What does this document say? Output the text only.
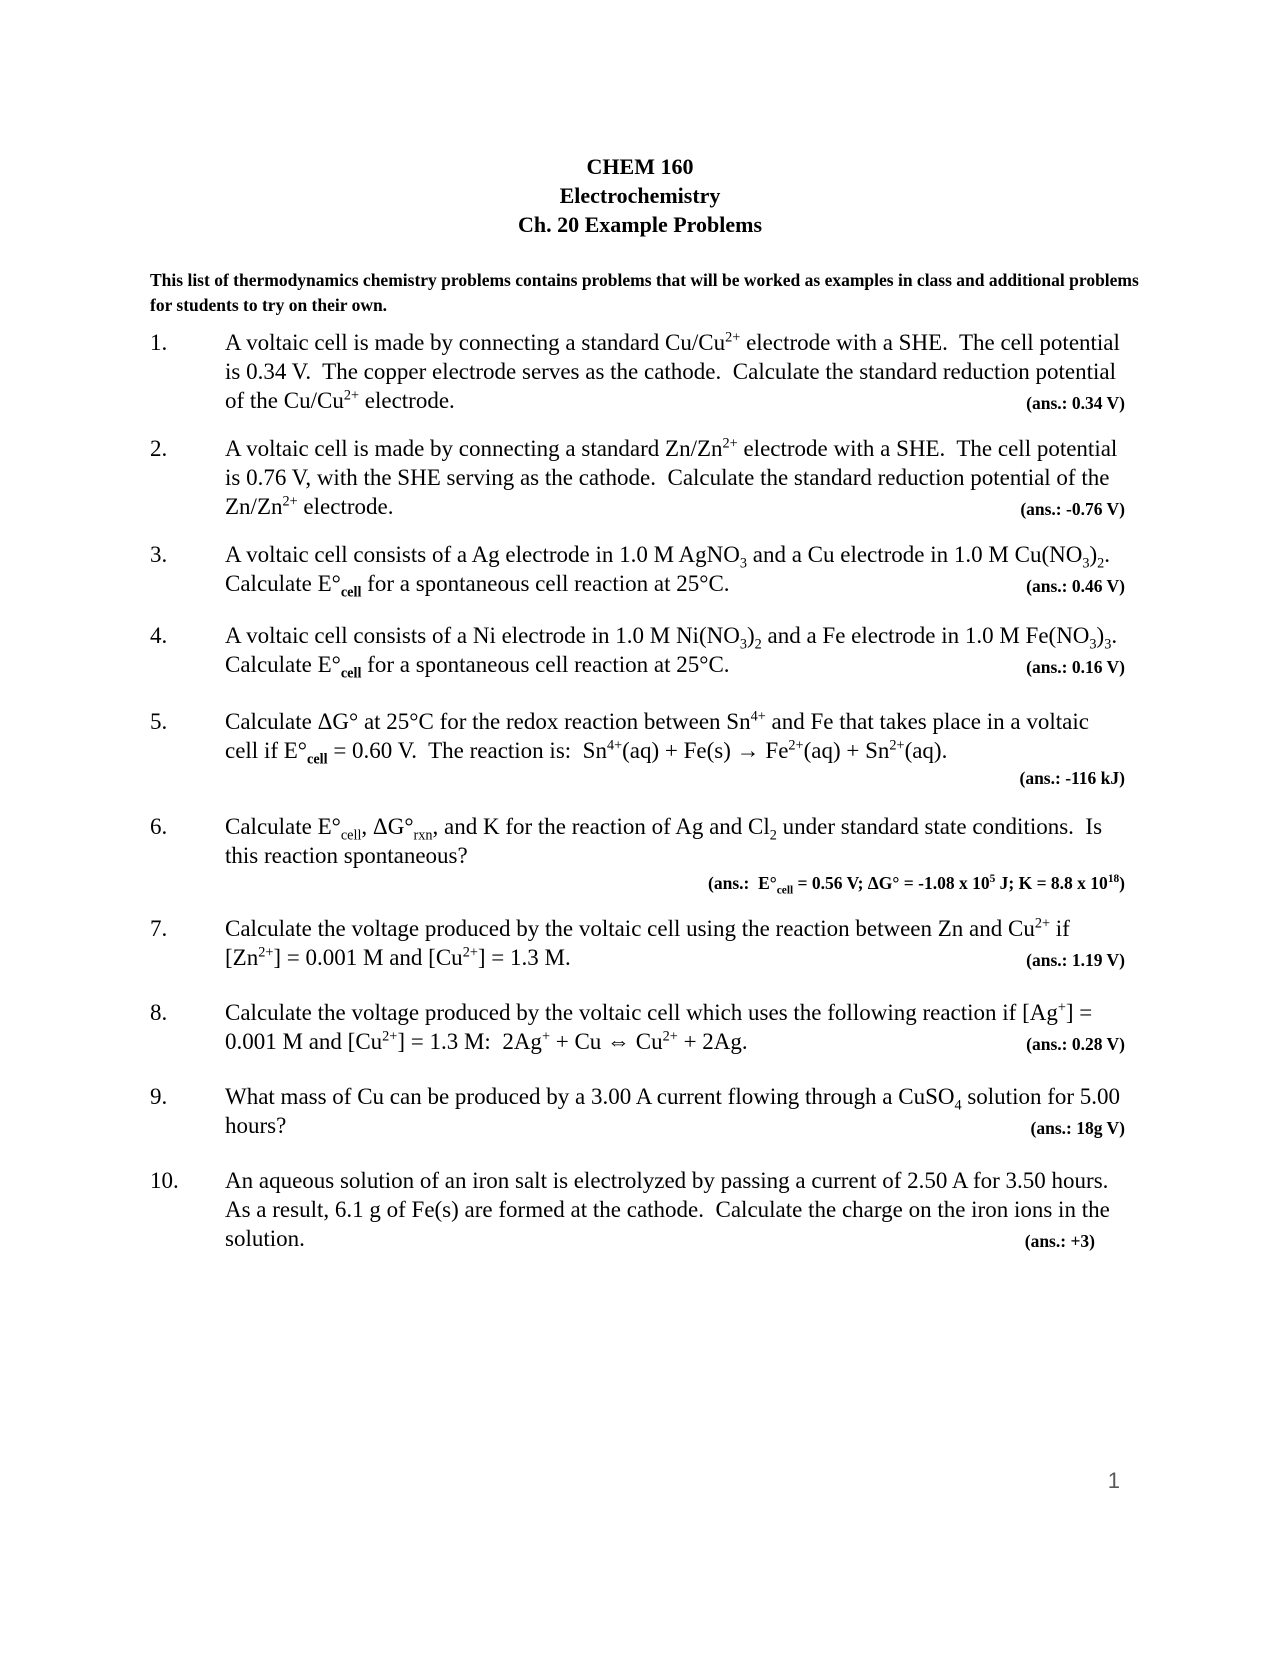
CHEM 160
Electrochemistry
Ch. 20 Example Problems
This list of thermodynamics chemistry problems contains problems that will be worked as examples in class and additional problems for students to try on their own.
1.	A voltaic cell is made by connecting a standard $Cu/Cu^{2+}$ electrode with a SHE.  The cell potential is 0.34 V.  The copper electrode serves as the cathode.  Calculate the standard reduction potential of the $Cu/Cu^{2+}$ electrode.	(ans.: 0.34 V)
2.	A voltaic cell is made by connecting a standard $Zn/Zn^{2+}$ electrode with a SHE.  The cell potential is 0.76 V, with the SHE serving as the cathode.  Calculate the standard reduction potential of the $Zn/Zn^{2+}$ electrode.	(ans.: -0.76 V)
3.	A voltaic cell consists of a Ag electrode in 1.0 M AgNO$_3$ and a Cu electrode in 1.0 M $Cu(NO_3)_2$.  Calculate $E^\circ_{cell}$ for a spontaneous cell reaction at 25°C.	(ans.: 0.46 V)
4.	A voltaic cell consists of a Ni electrode in 1.0 M $Ni(NO_3)_2$ and a Fe electrode in 1.0 M $Fe(NO_3)_3$.  Calculate $E^\circ_{cell}$ for a spontaneous cell reaction at 25°C.	(ans.: 0.16 V)
5.	Calculate ΔG° at 25°C for the redox reaction between $Sn^{4+}$ and Fe that takes place in a voltaic cell if $E^\circ_{cell} = 0.60$ V.  The reaction is:  $Sn^{4+}(aq) + Fe(s) \to Fe^{2+}(aq) + Sn^{2+}(aq)$.
(ans.: -116 kJ)
6.	Calculate $E^\circ_{cell}$, $\Delta G^\circ_{rxn}$, and K for the reaction of Ag and $Cl_2$ under standard state conditions.  Is this reaction spontaneous?
(ans.:  $E^\circ_{cell} = 0.56$ V; ΔG° = -1.08 x $10^5$ J; K = 8.8 x $10^{18}$)
7.	Calculate the voltage produced by the voltaic cell using the reaction between Zn and $Cu^{2+}$ if $[Zn^{2+}] = 0.001$ M and $[Cu^{2+}] = 1.3$ M.	(ans.: 1.19 V)
8.	Calculate the voltage produced by the voltaic cell which uses the following reaction if [Ag+] = 0.001 M and $[Cu^{2+}] = 1.3$ M:  2Ag+ + Cu ⇔ $Cu^{2+} + 2Ag$.	(ans.: 0.28 V)
9.	What mass of Cu can be produced by a 3.00 A current flowing through a CuSO$_4$ solution for 5.00 hours?	(ans.: 18g V)
10. An aqueous solution of an iron salt is electrolyzed by passing a current of 2.50 A for 3.50 hours.  As a result, 6.1 g of Fe(s) are formed at the cathode.  Calculate the charge on the iron ions in the solution.	(ans.: +3)
1
